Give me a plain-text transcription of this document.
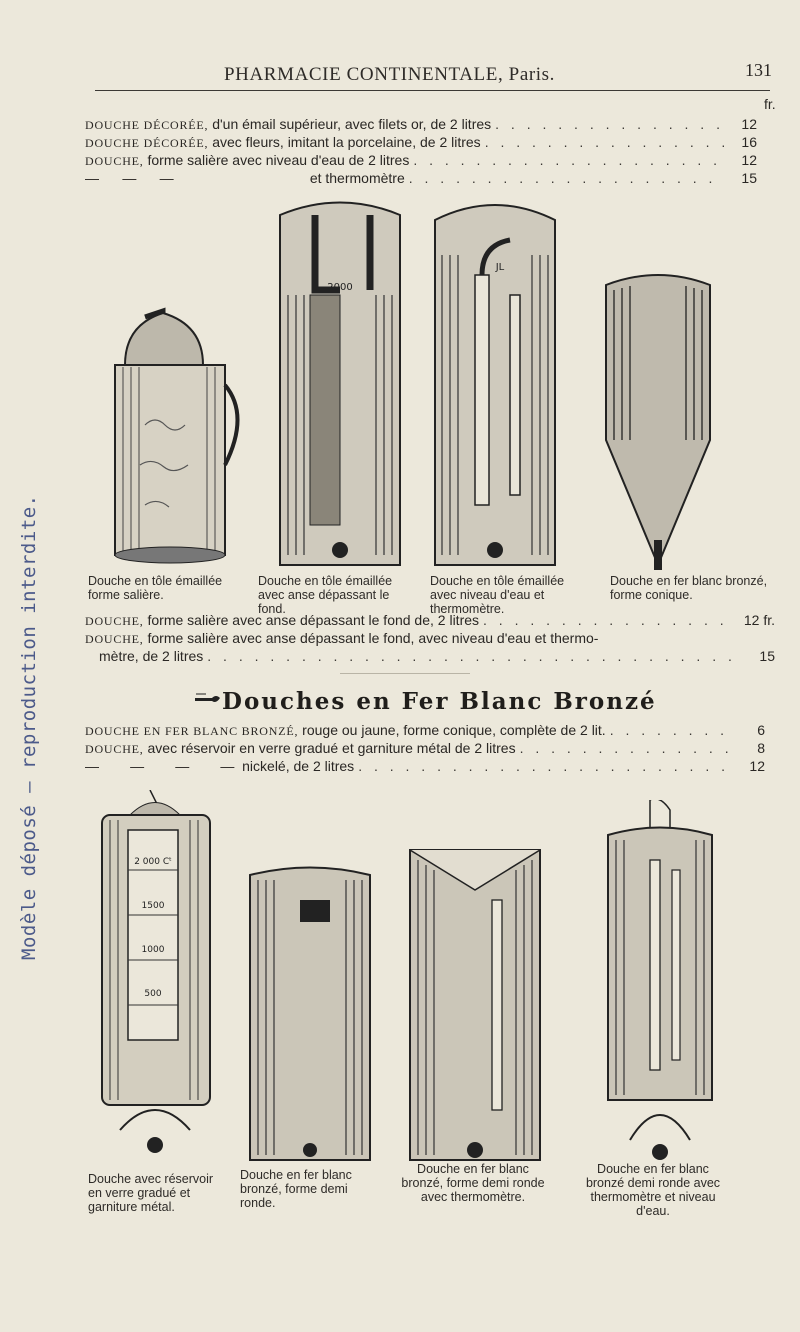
Modèle déposé — reproduction interdite.
PHARMACIE CONTINENTALE, Paris.	131
fr.
DOUCHE DÉCORÉE, d'un émail supérieur, avec filets or, de 2 litres . . .	12
DOUCHE DÉCORÉE, avec fleurs, imitant la porcelaine, de 2 litres . . .	16
DOUCHE, forme salière avec niveau d'eau de 2 litres . . .	12
—      —      —                                   et thermomètre . . .	15
2000
JL
Douche en tôle émaillée forme salière.
Douche en tôle émaillée avec anse dépassant le fond.
Douche en tôle émaillée avec niveau d'eau et thermomètre.
Douche en fer blanc bronzé, forme conique.
DOUCHE, forme salière avec anse dépassant le fond de, 2 litres . . .	12 fr.
DOUCHE, forme salière avec anse dépassant le fond, avec niveau d'eau et thermo-
mètre, de 2 litres . . .	15
Douches en Fer Blanc Bronzé
DOUCHE EN FER BLANC BRONZÉ, rouge ou jaune, forme conique, complète de 2 lit. . . .	6
DOUCHE, avec réservoir en verre gradué et garniture métal de 2 litres . . .	8
—        —        —        —  nickelé, de 2 litres . . .	12
2 000 Cᵗ
1500
1000
500
Douche avec réservoir en verre gradué et garniture métal.
Douche en fer blanc bronzé, forme demi ronde.
Douche en fer blanc bronzé, forme demi ronde avec thermomètre.
Douche en fer blanc bronzé demi ronde avec thermomètre et niveau d'eau.
